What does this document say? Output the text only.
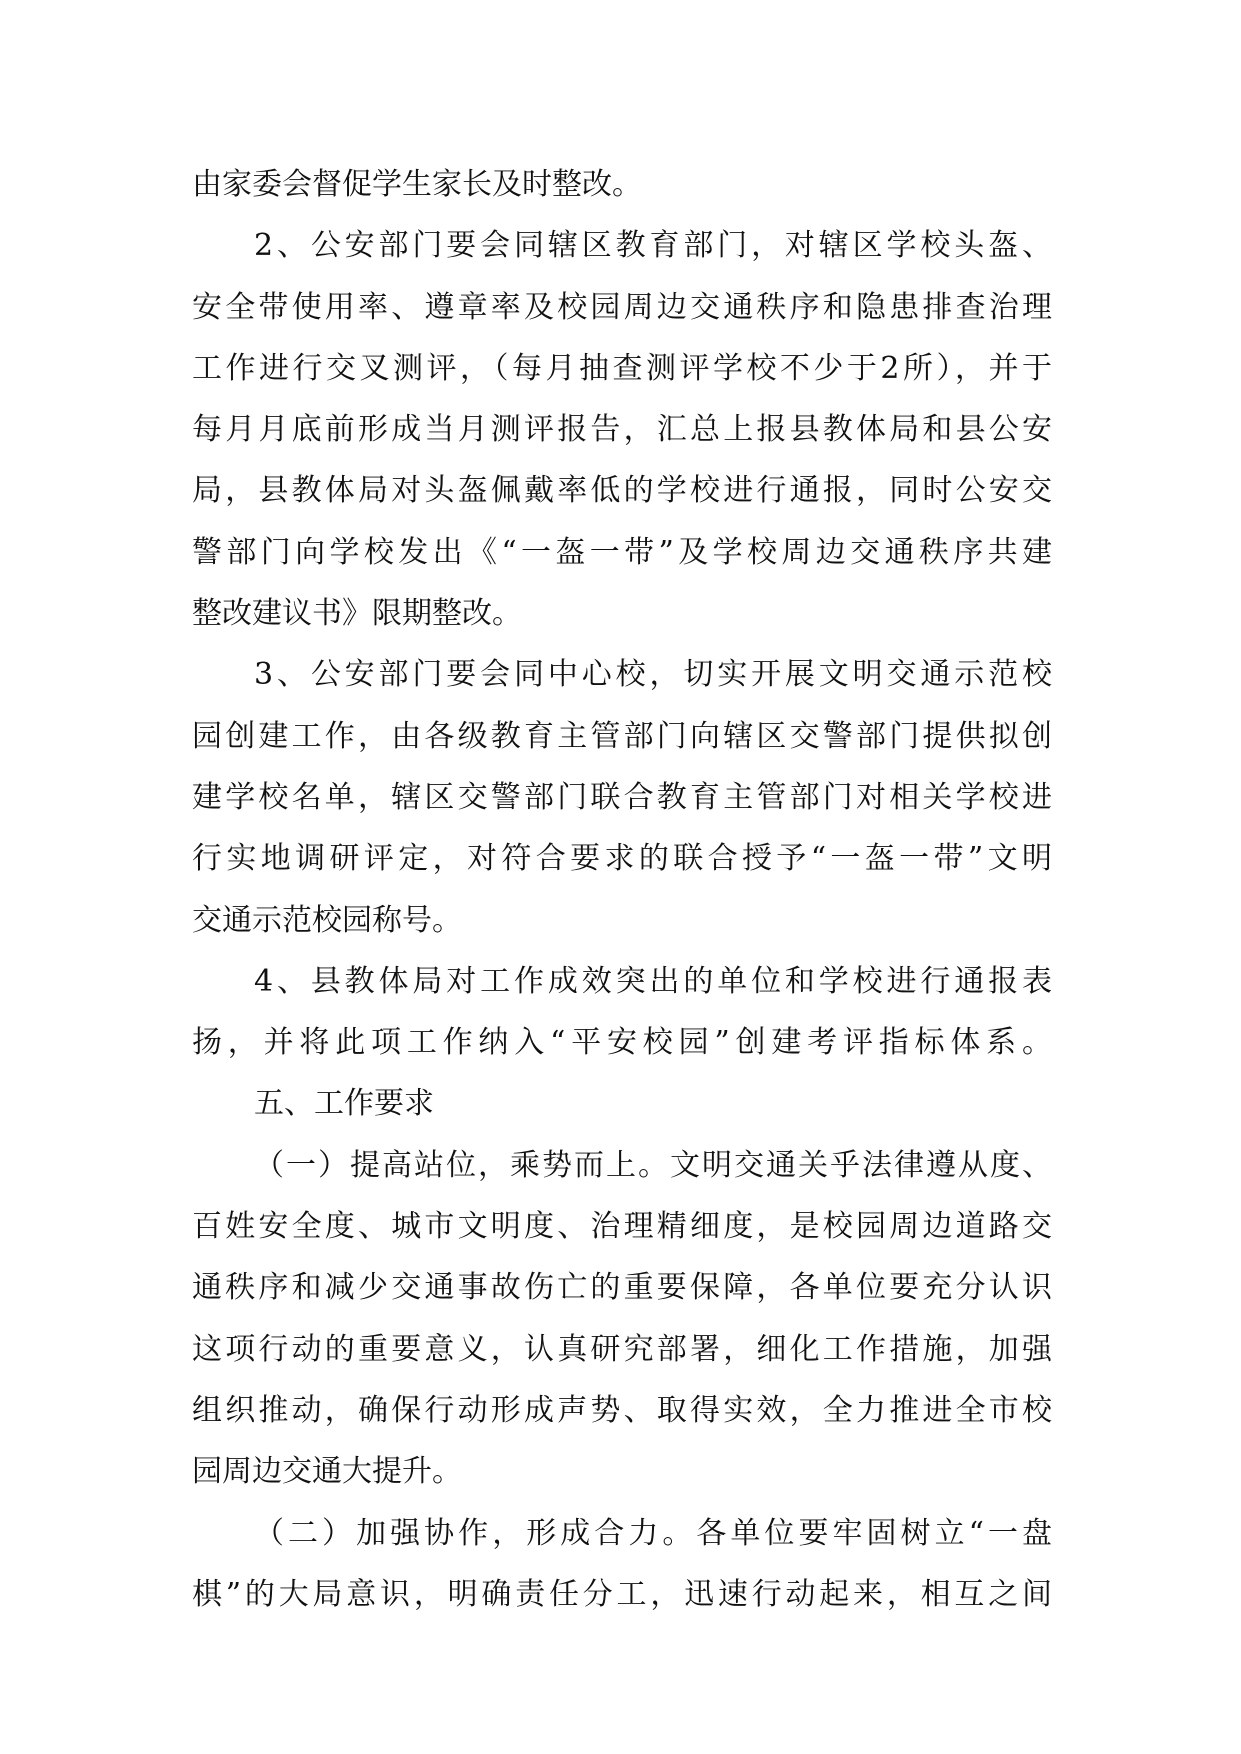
由家委会督促学生家长及时整改。
2、公安部门要会同辖区教育部门，对辖区学校头盔、
安全带使用率、遵章率及校园周边交通秩序和隐患排查治理
工作进行交叉测评，（每月抽查测评学校不少于2所），并于
每月月底前形成当月测评报告，汇总上报县教体局和县公安
局，县教体局对头盔佩戴率低的学校进行通报，同时公安交
警部门向学校发出《“一盔一带”及学校周边交通秩序共建
整改建议书》限期整改。
3、公安部门要会同中心校，切实开展文明交通示范校
园创建工作，由各级教育主管部门向辖区交警部门提供拟创
建学校名单，辖区交警部门联合教育主管部门对相关学校进
行实地调研评定，对符合要求的联合授予“一盔一带”文明
交通示范校园称号。
4、县教体局对工作成效突出的单位和学校进行通报表
扬，并将此项工作纳入“平安校园”创建考评指标体系。
五、工作要求
（一）提高站位，乘势而上。文明交通关乎法律遵从度、
百姓安全度、城市文明度、治理精细度，是校园周边道路交
通秩序和减少交通事故伤亡的重要保障，各单位要充分认识
这项行动的重要意义，认真研究部署，细化工作措施，加强
组织推动，确保行动形成声势、取得实效，全力推进全市校
园周边交通大提升。
（二）加强协作，形成合力。各单位要牢固树立“一盘
棋”的大局意识，明确责任分工，迅速行动起来，相互之间
